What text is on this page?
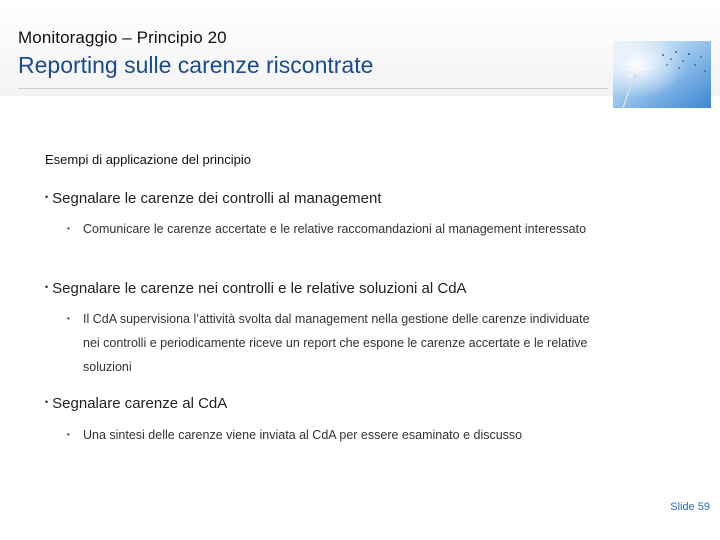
Monitoraggio – Principio 20
Reporting sulle carenze riscontrate
Esempi di applicazione del principio
• Segnalare le carenze dei controlli al management
•	Comunicare le carenze accertate e le relative raccomandazioni al management interessato
• Segnalare le carenze nei controlli e le relative soluzioni al CdA
•	Il CdA supervisiona l’attività svolta dal management nella gestione delle carenze individuate nei controlli e periodicamente riceve un report che espone le carenze accertate e le relative soluzioni
• Segnalare carenze al CdA
•	Una sintesi delle carenze viene inviata al CdA per essere esaminato e discusso
Slide 59
